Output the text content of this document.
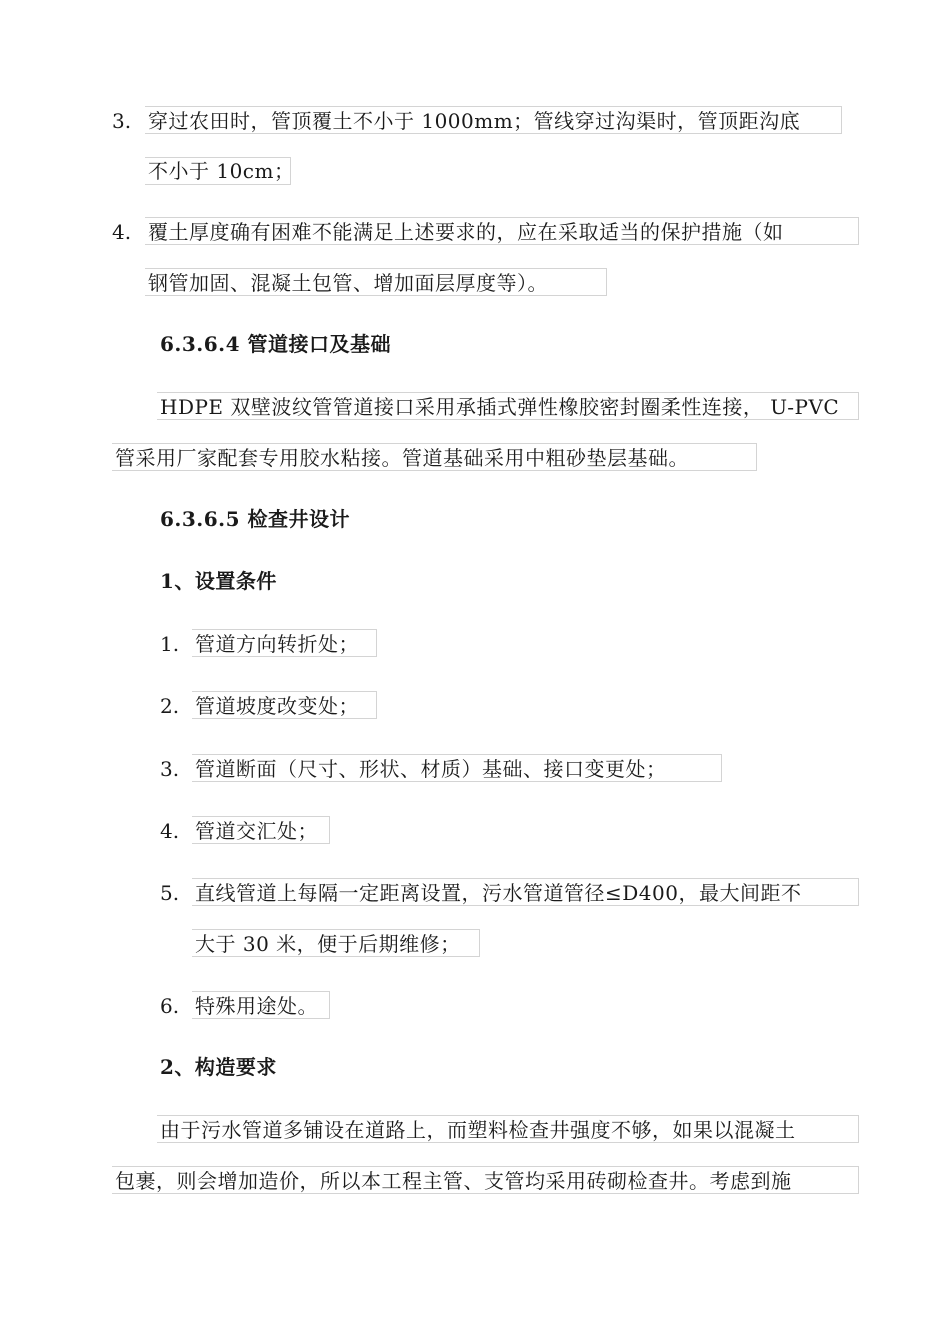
3. 穿过农田时，管顶覆土不小于 1000mm；管线穿过沟渠时，管顶距沟底
不小于 10cm；
4. 覆土厚度确有困难不能满足上述要求的，应在采取适当的保护措施（如
钢管加固、混凝土包管、增加面层厚度等）。
6.3.6.4 管道接口及基础
HDPE 双壁波纹管管道接口采用承插式弹性橡胶密封圈柔性连接， U-PVC
管采用厂家配套专用胶水粘接。管道基础采用中粗砂垫层基础。
6.3.6.5 检查井设计
1、设置条件
1. 管道方向转折处；
2. 管道坡度改变处；
3. 管道断面（尺寸、形状、材质）基础、接口变更处；
4. 管道交汇处；
5. 直线管道上每隔一定距离设置，污水管道管径≤D400，最大间距不
大于 30 米，便于后期维修；
6. 特殊用途处。
2、构造要求
由于污水管道多铺设在道路上，而塑料检查井强度不够，如果以混凝土
包裹，则会增加造价，所以本工程主管、支管均采用砖砌检查井。考虑到施
